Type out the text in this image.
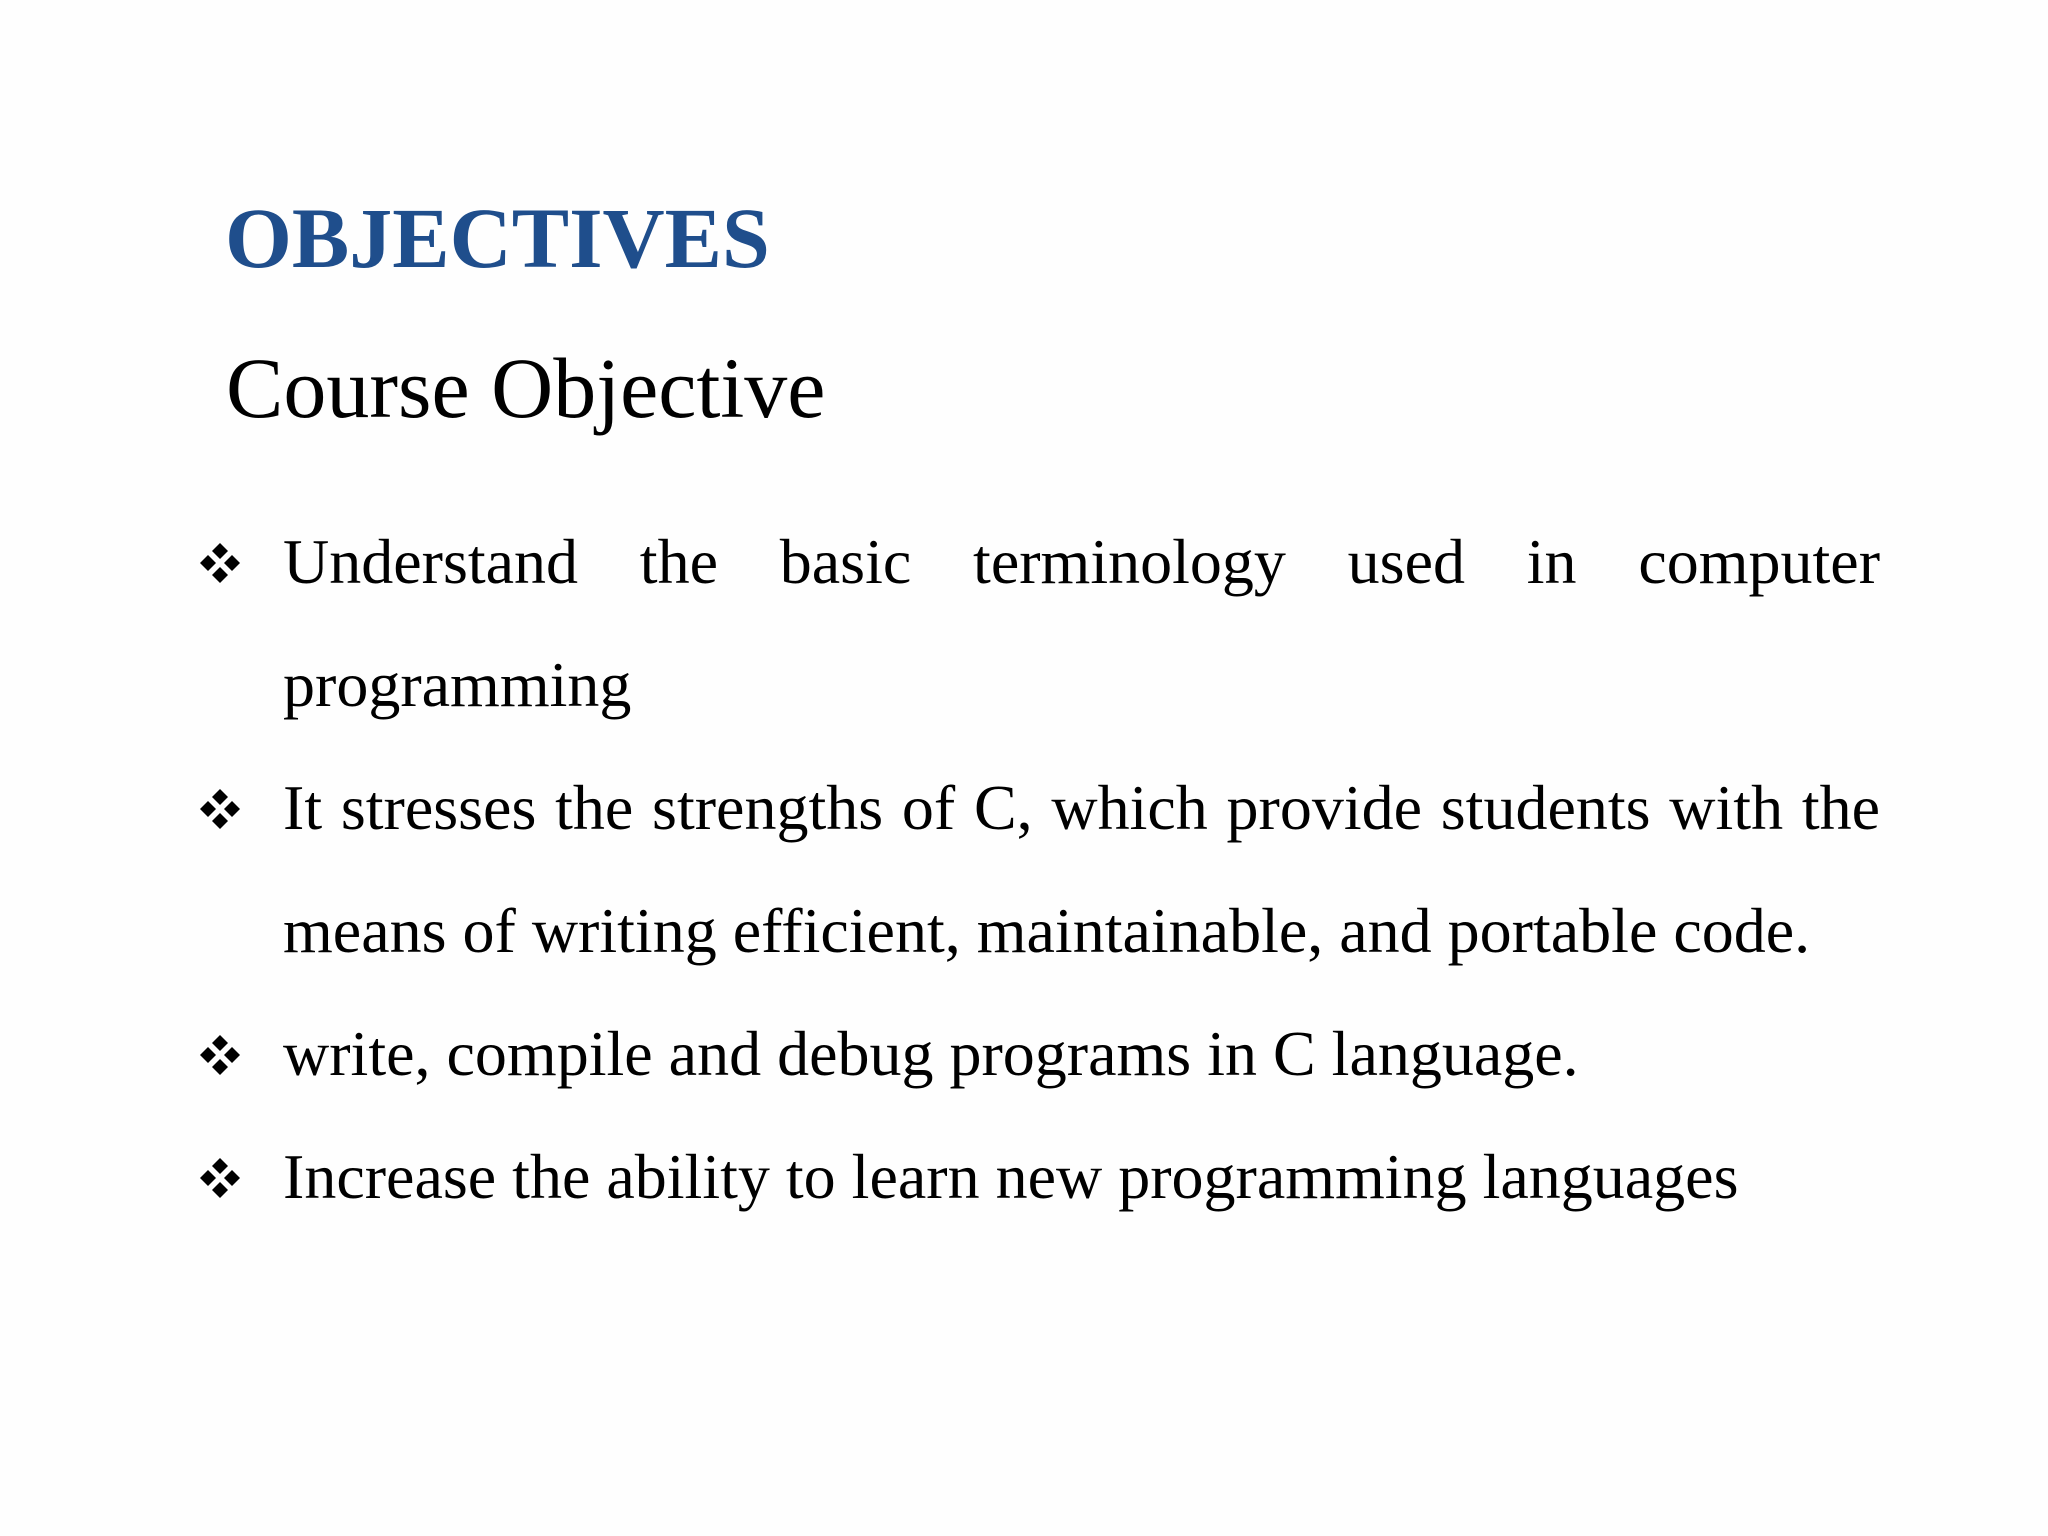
OBJECTIVES
Course Objective
Understand the basic terminology used in computer programming
It stresses the strengths of C, which provide students with the means of writing efficient, maintainable, and portable code.
write, compile and debug programs in C language.
Increase the ability to learn new programming languages
